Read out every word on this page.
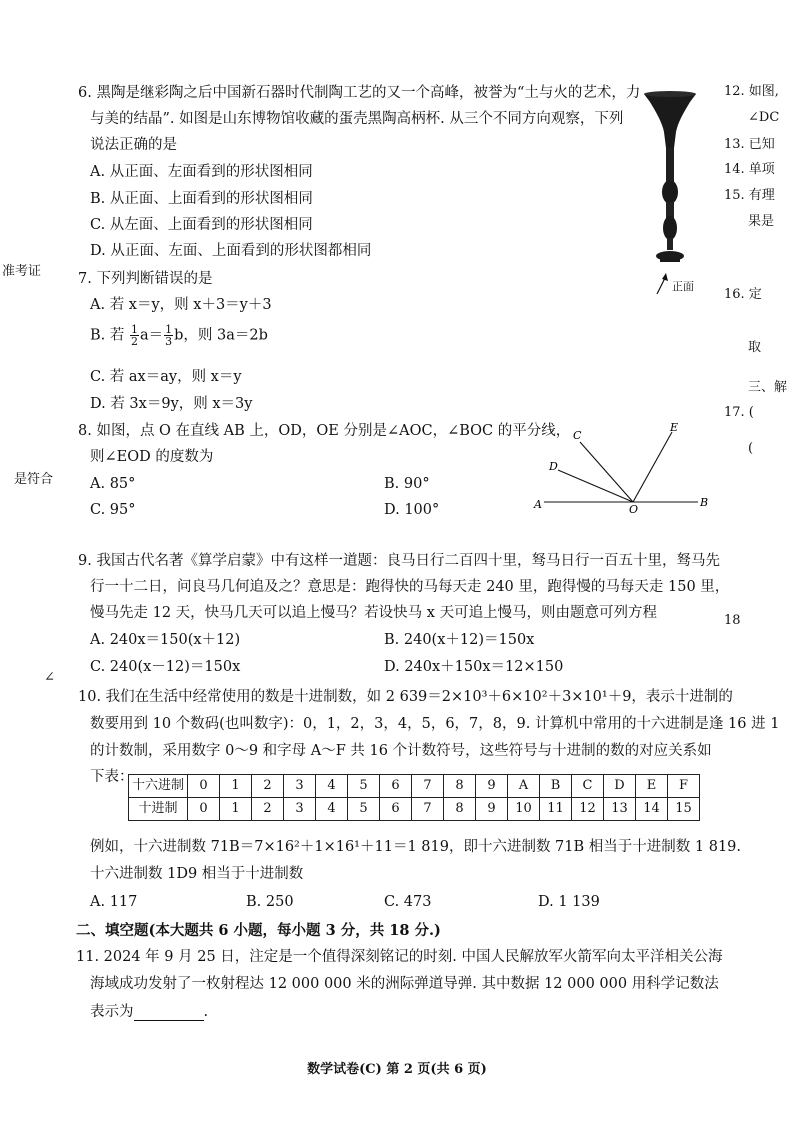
准考证
是符合
∠
12. 如图,
∠DC
13. 已知
14. 单项
15. 有理
果是
16. 定
取
三、解
17. (
(
18
6. 黑陶是继彩陶之后中国新石器时代制陶工艺的又一个高峰，被誉为“土与火的艺术，力
与美的结晶”. 如图是山东博物馆收藏的蛋壳黑陶高柄杯. 从三个不同方向观察，下列
说法正确的是
A. 从正面、左面看到的形状图相同
B. 从正面、上面看到的形状图相同
C. 从左面、上面看到的形状图相同
D. 从正面、左面、上面看到的形状图都相同
正面
7. 下列判断错误的是
A. 若 x＝y，则 x＋3＝y＋3
B. 若 $\frac{1}{2} a= \frac{1}{3}$ b，则 3a＝2b
C. 若 ax＝ay，则 x＝y
D. 若 3x＝9y，则 x＝3y
8. 如图，点 O 在直线 AB 上，OD，OE 分别是∠AOC，∠BOC 的平分线，
则∠EOD 的度数为
A. 85°	B. 90°
C. 95°	D. 100°	A	B
C
D
E
O
9. 我国古代名著《算学启蒙》中有这样一道题：良马日行二百四十里，驽马日行一百五十里，驽马先
行一十二日，问良马几何追及之？意思是：跑得快的马每天走 240 里，跑得慢的马每天走 150 里，
慢马先走 12 天，快马几天可以追上慢马？若设快马 x 天可追上慢马，则由题意可列方程
A. 240x＝150(x＋12)	B. 240(x＋12)＝150x
C. 240(x－12)＝150x	D. 240x＋150x＝12×150
10. 我们在生活中经常使用的数是十进制数，如 2 639＝2×10³＋6×10²＋3×10¹＋9，表示十进制的
数要用到 10 个数码(也叫数字)：0，1，2，3，4，5，6，7，8，9. 计算机中常用的十六进制是逢 16 进 1
的计数制，采用数字 0～9 和字母 A～F 共 16 个计数符号，这些符号与十进制的数的对应关系如
下表：
十六进制	0	1	2	3	4	5	6	7	8	9	A	B	C	D	E	F
十进制	0	1	2	3	4	5	6	7	8	9	10	11	12	13	14	15
例如，十六进制数 71B＝7×16²＋1×16¹＋11＝1 819，即十六进制数 71B 相当于十进制数 1 819.
十六进制数 1D9 相当于十进制数
A. 117	B. 250	C. 473	D. 1 139
二、填空题(本大题共 6 小题，每小题 3 分，共 18 分.)
11. 2024 年 9 月 25 日，注定是一个值得深刻铭记的时刻. 中国人民解放军火箭军向太平洋相关公海
海域成功发射了一枚射程达 12 000 000 米的洲际弹道导弹. 其中数据 12 000 000 用科学记数法
表示为	.
数学试卷(C) 第 2 页(共 6 页)
